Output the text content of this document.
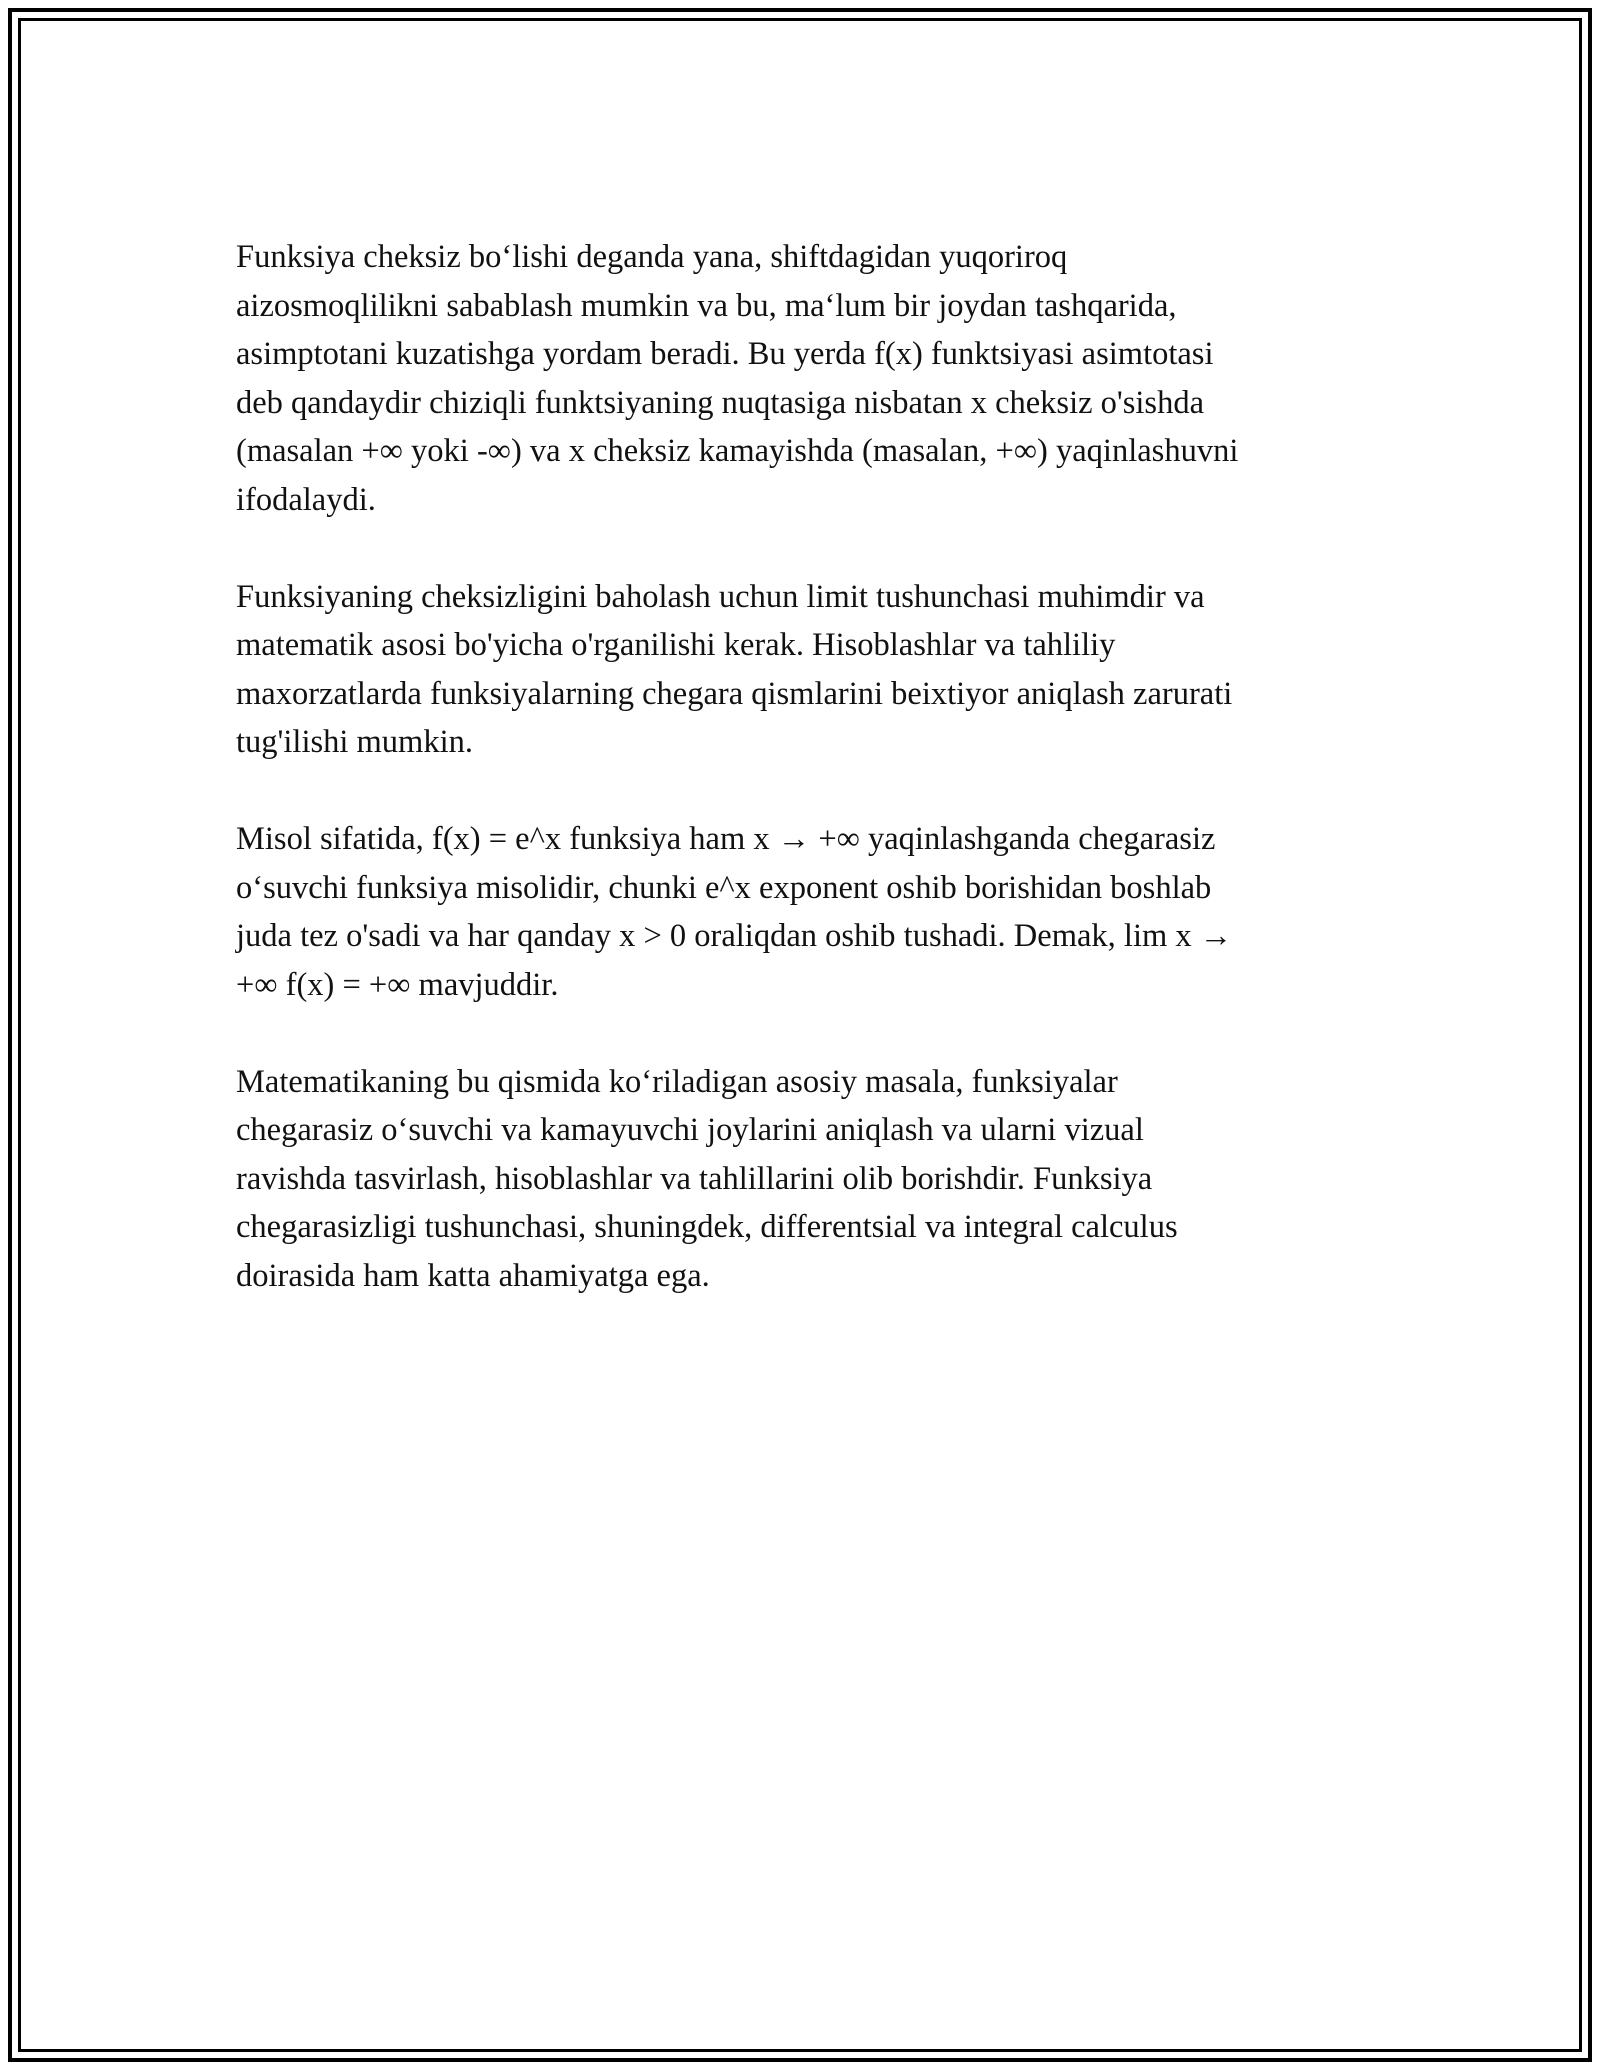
Funksiya cheksiz bo‘lishi deganda yana, shiftdagidan yuqoriroq
aizosmoqlilikni sabablash mumkin va bu, ma‘lum bir joydan tashqarida,
asimptotani kuzatishga yordam beradi. Bu yerda f(x) funktsiyasi asimtotasi
deb qandaydir chiziqli funktsiyaning nuqtasiga nisbatan x cheksiz o'sishda
(masalan +∞ yoki -∞) va x cheksiz kamayishda (masalan, +∞) yaqinlashuvni
ifodalaydi.

Funksiyaning cheksizligini baholash uchun limit tushunchasi muhimdir va
matematik asosi bo'yicha o'rganilishi kerak. Hisoblashlar va tahliliy
maxorzatlarda funksiyalarning chegara qismlarini beixtiyor aniqlash zarurati
tug'ilishi mumkin.

Misol sifatida, f(x) = e^x funksiya ham x → +∞ yaqinlashganda chegarasiz
o‘suvchi funksiya misolidir, chunki e^x exponent oshib borishidan boshlab
juda tez o'sadi va har qanday x > 0 oraliqdan oshib tushadi. Demak, lim x →
+∞ f(x) = +∞ mavjuddir.

Matematikaning bu qismida ko‘riladigan asosiy masala, funksiyalar
chegarasiz o‘suvchi va kamayuvchi joylarini aniqlash va ularni vizual
ravishda tasvirlash, hisoblashlar va tahlillarini olib borishdir. Funksiya
chegarasizligi tushunchasi, shuningdek, differentsial va integral calculus
doirasida ham katta ahamiyatga ega.
